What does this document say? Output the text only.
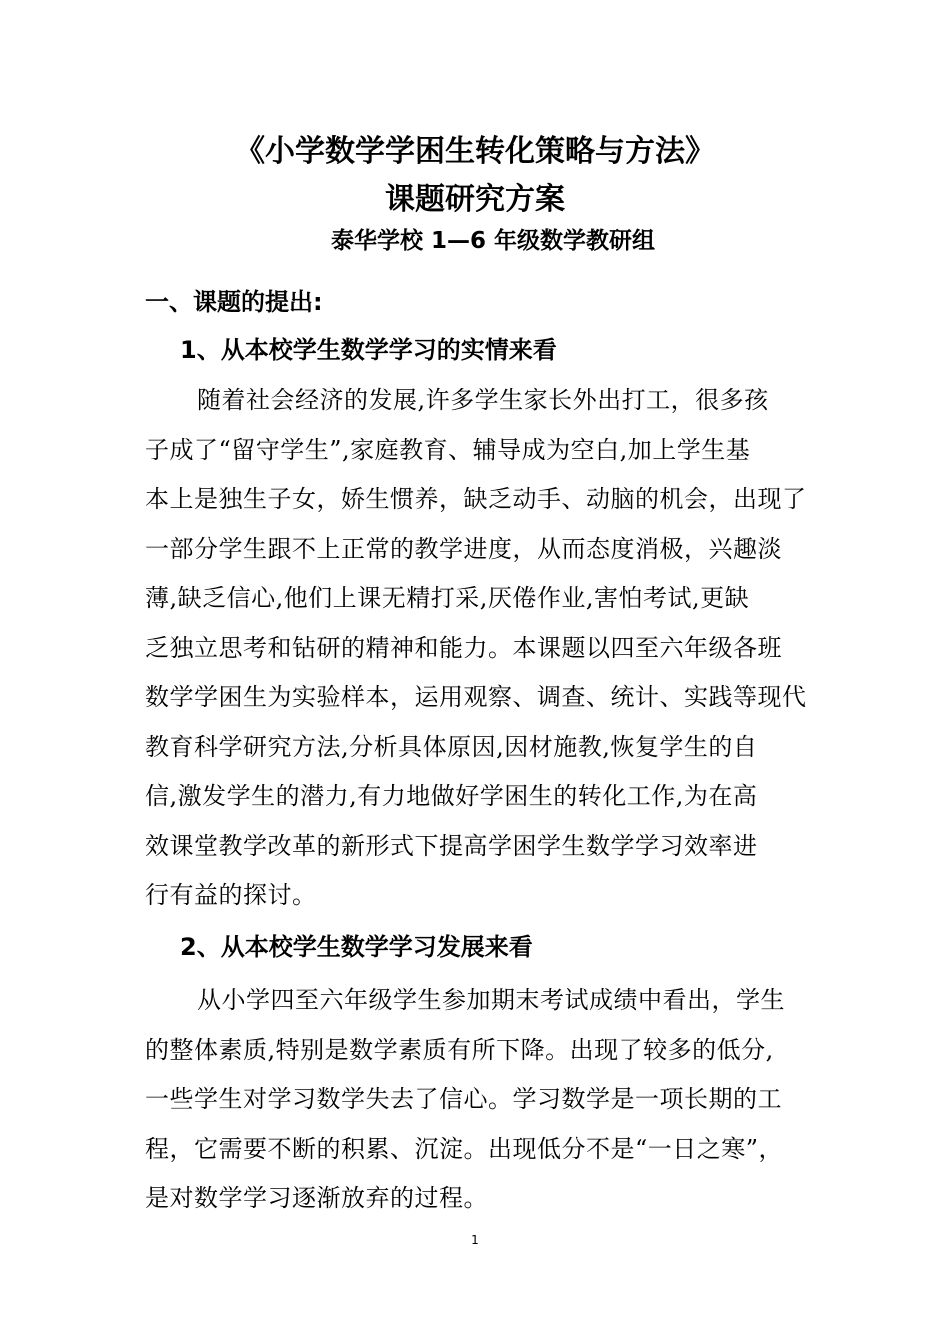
《小学数学学困生转化策略与方法》
课题研究方案
泰华学校 1—6 年级数学教研组
一、课题的提出:
1、从本校学生数学学习的实情来看
随着社会经济的发展,许多学生家长外出打工，很多孩
子成了“留守学生”,家庭教育、辅导成为空白,加上学生基
本上是独生子女，娇生惯养，缺乏动手、动脑的机会，出现了
一部分学生跟不上正常的教学进度，从而态度消极，兴趣淡
薄,缺乏信心,他们上课无精打采,厌倦作业,害怕考试,更缺
乏独立思考和钻研的精神和能力。本课题以四至六年级各班
数学学困生为实验样本，运用观察、调查、统计、实践等现代
教育科学研究方法,分析具体原因,因材施教,恢复学生的自
信,激发学生的潜力,有力地做好学困生的转化工作,为在高
效课堂教学改革的新形式下提高学困学生数学学习效率进
行有益的探讨。
2、从本校学生数学学习发展来看
从小学四至六年级学生参加期末考试成绩中看出，学生
的整体素质,特别是数学素质有所下降。出现了较多的低分,
一些学生对学习数学失去了信心。学习数学是一项长期的工
程，它需要不断的积累、沉淀。出现低分不是“一日之寒”，
是对数学学习逐渐放弃的过程。
1
